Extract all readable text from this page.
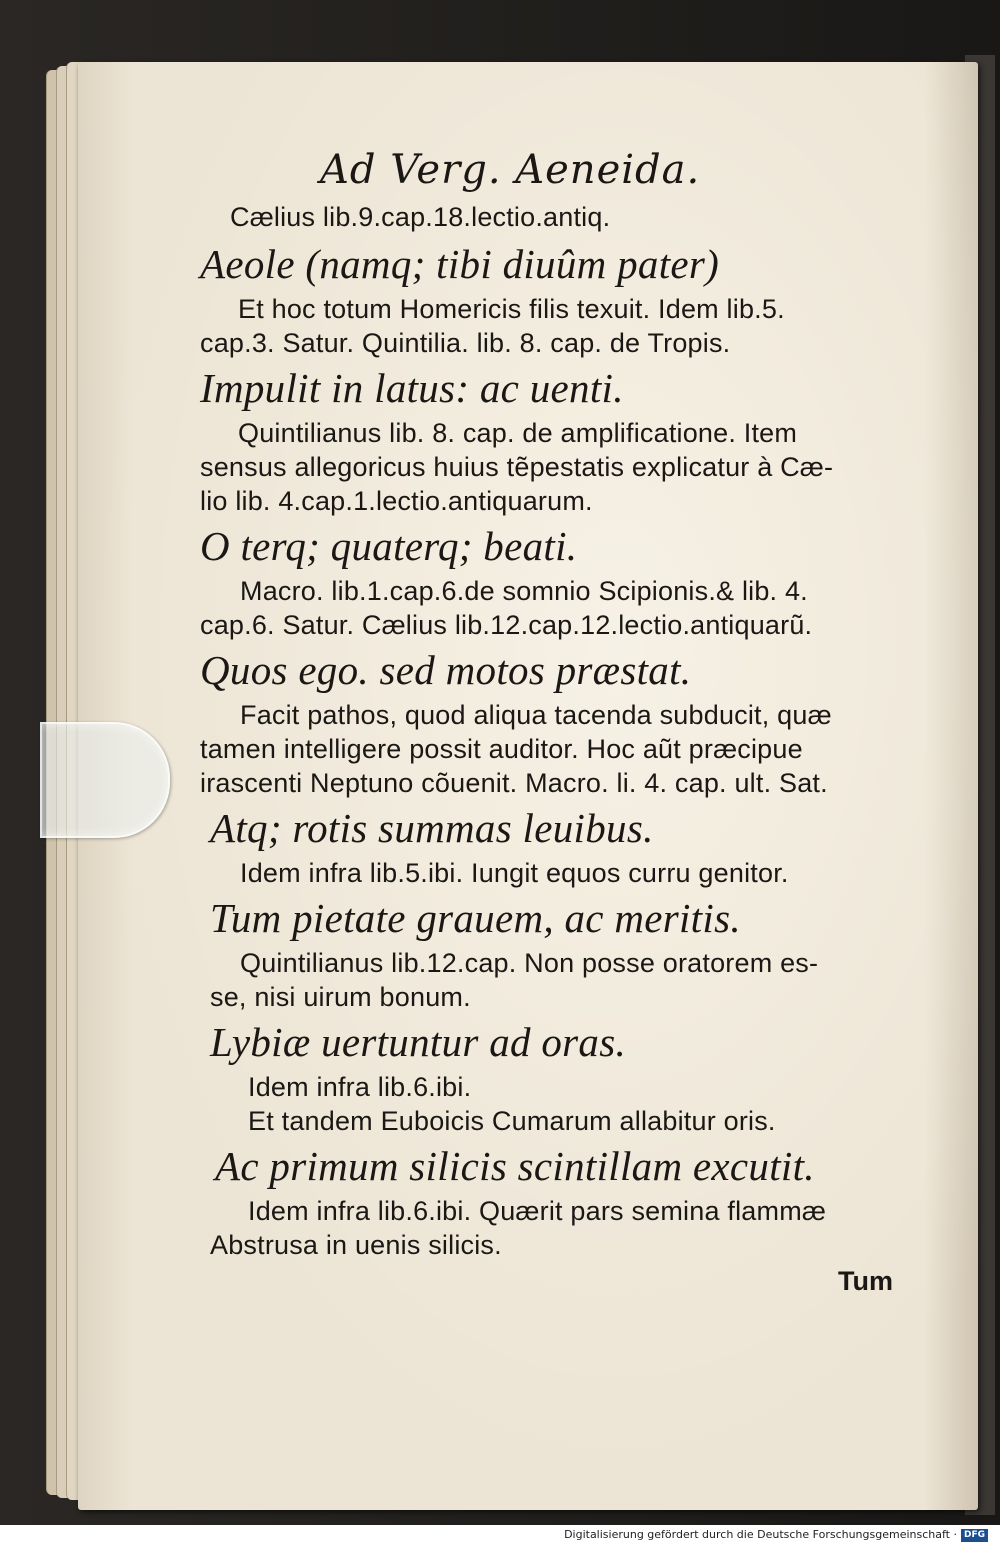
Ad Verg. Aeneida.
Cælius lib.9.cap.18.lectio.antiq.
Aeole (namq; tibi diuûm pater)
Et hoc totum Homericis filis texuit. Idem lib.5.
cap.3. Satur. Quintilia. lib. 8. cap. de Tropis.
Impulit in latus: ac uenti.
Quintilianus lib. 8. cap. de amplificatione. Item
sensus allegoricus huius tẽpestatis explicatur à Cæ-
lio lib. 4.cap.1.lectio.antiquarum.
O terq; quaterq; beati.
Macro. lib.1.cap.6.de somnio Scipionis.& lib. 4.
cap.6. Satur. Cælius lib.12.cap.12.lectio.antiquarũ.
Quos ego. sed motos præstat.
Facit pathos, quod aliqua tacenda subducit, quæ
tamen intelligere possit auditor. Hoc aũt præcipue
irascenti Neptuno cõuenit. Macro. li. 4. cap. ult. Sat.
Atq; rotis summas leuibus.
Idem infra lib.5.ibi. Iungit equos curru genitor.
Tum pietate grauem, ac meritis.
Quintilianus lib.12.cap. Non posse oratorem es-
se, nisi uirum bonum.
Lybiæ uertuntur ad oras.
Idem infra lib.6.ibi.
Et tandem Euboicis Cumarum allabitur oris.
Ac primum silicis scintillam excutit.
Idem infra lib.6.ibi. Quærit pars semina flammæ
Abstrusa in uenis silicis.
Tum
Digitalisierung gefördert durch die Deutsche Forschungsgemeinschaft · DFG
